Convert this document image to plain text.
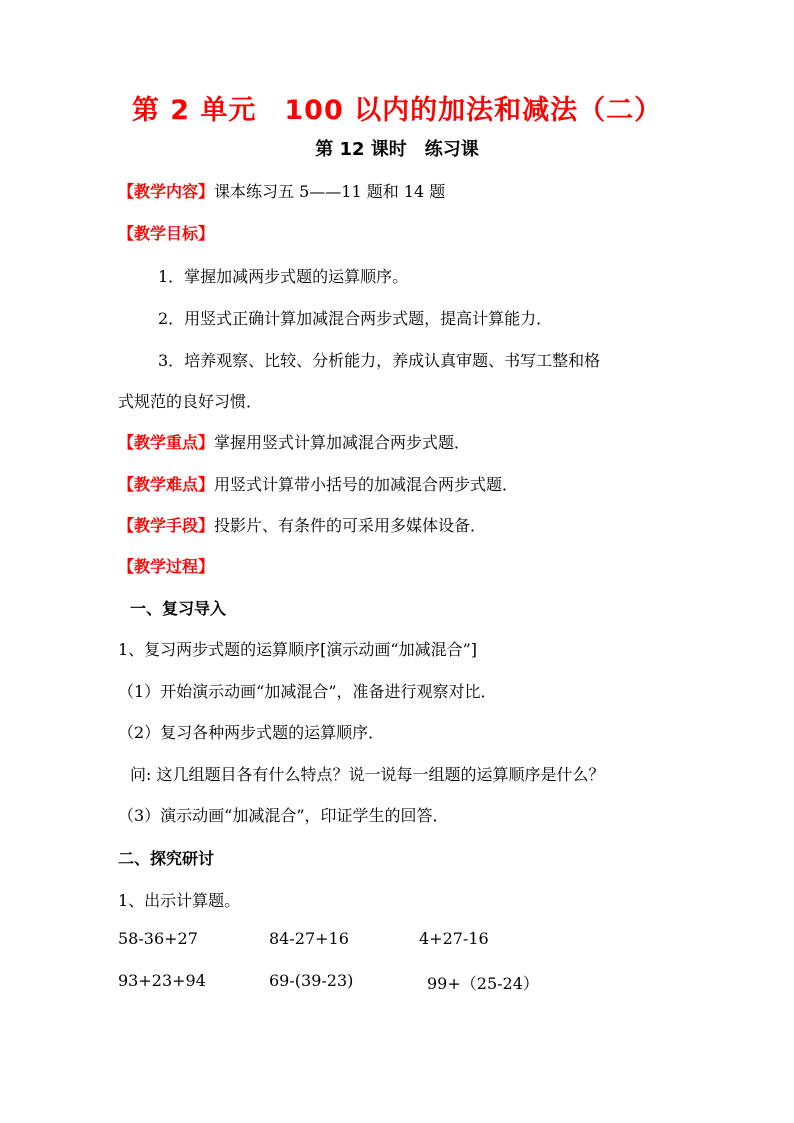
第 2 单元　100 以内的加法和减法（二）
第 12 课时　练习课
【教学内容】课本练习五 5——11 题和 14 题
【教学目标】
1．掌握加减两步式题的运算顺序。
2．用竖式正确计算加减混合两步式题，提高计算能力．
3．培养观察、比较、分析能力，养成认真审题、书写工整和格
式规范的良好习惯．
【教学重点】掌握用竖式计算加减混合两步式题．
【教学难点】用竖式计算带小括号的加减混合两步式题．
【教学手段】投影片、有条件的可采用多媒体设备．
【教学过程】
一、复习导入
1、复习两步式题的运算顺序[演示动画“加减混合”]
（1）开始演示动画“加减混合”，准备进行观察对比．
（2）复习各种两步式题的运算顺序．
问: 这几组题目各有什么特点？说一说每一组题的运算顺序是什么？
（3）演示动画“加减混合”，印证学生的回答．
二、探究研讨
1、出示计算题。
58-36+27	84-27+16	4+27-16
93+23+94	69-(39-23)	99+（25-24）
